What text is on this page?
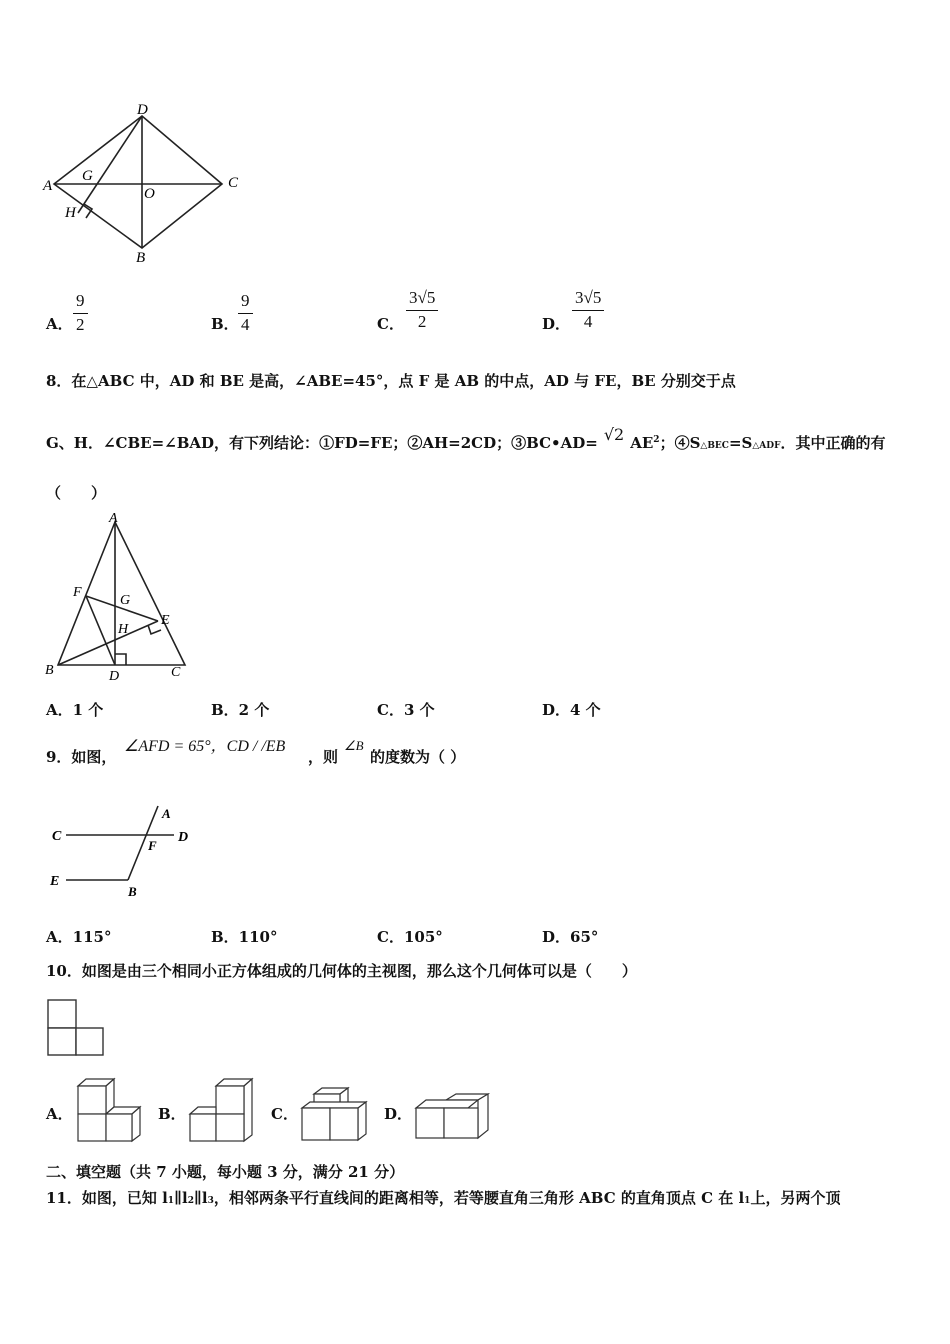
D
A	C
B
O
G
H
A． $\frac{9}{2}$	B． $\frac{9}{4}$	C． $\frac{3√5}{2}$	D． $\frac{3√5}{4}$
8．在△ABC 中，AD 和 BE 是高，∠ABE=45°，点 F 是 AB 的中点，AD 与 FE，BE 分别交于点
G、H．∠CBE=∠BAD，有下列结论：①FD=FE；②AH=2CD；③BC•AD= √2 $AE^2$；④S△BEC=S△ADF．其中正确的有
（　　）
A
F
G
E
H
B	D	C
A．1 个	B．2 个	C．3 个	D．4 个
9．如图，
∠AFD = 65°，CD / /EB
，则
∠B
的度数为（ ）
C	D
A
F
E
B
A．115°	B．110°	C．105°	D．65°
10．如图是由三个相同小正方体组成的几何体的主视图，那么这个几何体可以是（　　）
A．	B．	C．	D．
二、填空题（共 7 小题，每小题 3 分，满分 21 分）
11．如图，已知 l1∥l2∥l3，相邻两条平行直线间的距离相等，若等腰直角三角形 ABC 的直角顶点 C 在 l1上，另两个顶
